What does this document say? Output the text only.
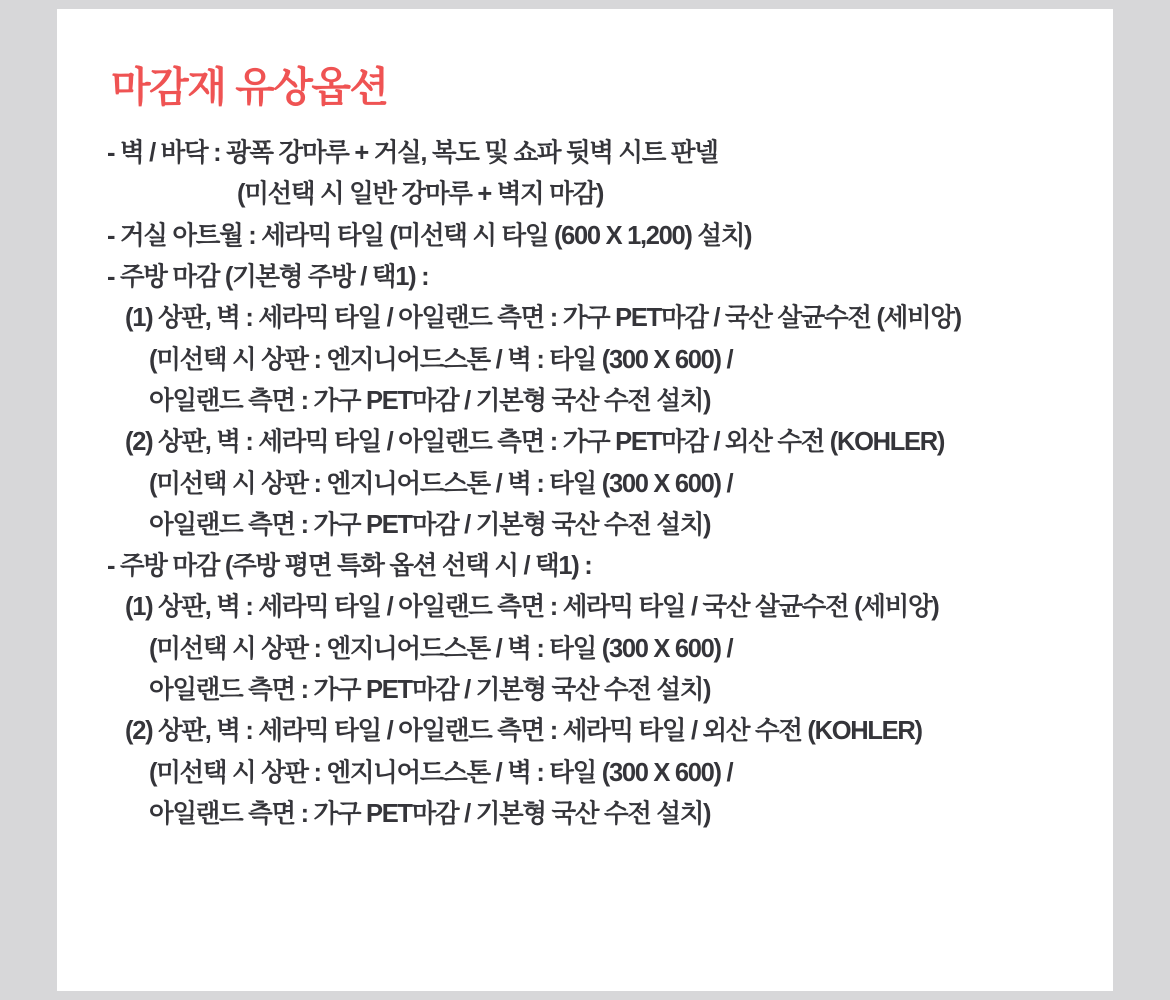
마감재 유상옵션
- 벽 / 바닥 : 광폭 강마루 + 거실, 복도 및 쇼파 뒷벽 시트 판넬
(미선택 시 일반 강마루 + 벽지 마감)
- 거실 아트월 : 세라믹 타일 (미선택 시 타일 (600 X 1,200) 설치)
- 주방 마감 (기본형 주방 / 택1) :
(1) 상판, 벽 : 세라믹 타일 / 아일랜드 측면 : 가구 PET마감 / 국산 살균수전 (세비앙)
(미선택 시 상판 : 엔지니어드스톤 / 벽 : 타일 (300 X 600) /
아일랜드 측면 : 가구 PET마감 / 기본형 국산 수전 설치)
(2) 상판, 벽 : 세라믹 타일 / 아일랜드 측면 : 가구 PET마감 / 외산 수전 (KOHLER)
(미선택 시 상판 : 엔지니어드스톤 / 벽 : 타일 (300 X 600) /
아일랜드 측면 : 가구 PET마감 / 기본형 국산 수전 설치)
- 주방 마감 (주방 평면 특화 옵션 선택 시 / 택1) :
(1) 상판, 벽 : 세라믹 타일 / 아일랜드 측면 : 세라믹 타일 / 국산 살균수전 (세비앙)
(미선택 시 상판 : 엔지니어드스톤 / 벽 : 타일 (300 X 600) /
아일랜드 측면 : 가구 PET마감 / 기본형 국산 수전 설치)
(2) 상판, 벽 : 세라믹 타일 / 아일랜드 측면 : 세라믹 타일 / 외산 수전 (KOHLER)
(미선택 시 상판 : 엔지니어드스톤 / 벽 : 타일 (300 X 600) /
아일랜드 측면 : 가구 PET마감 / 기본형 국산 수전 설치)
